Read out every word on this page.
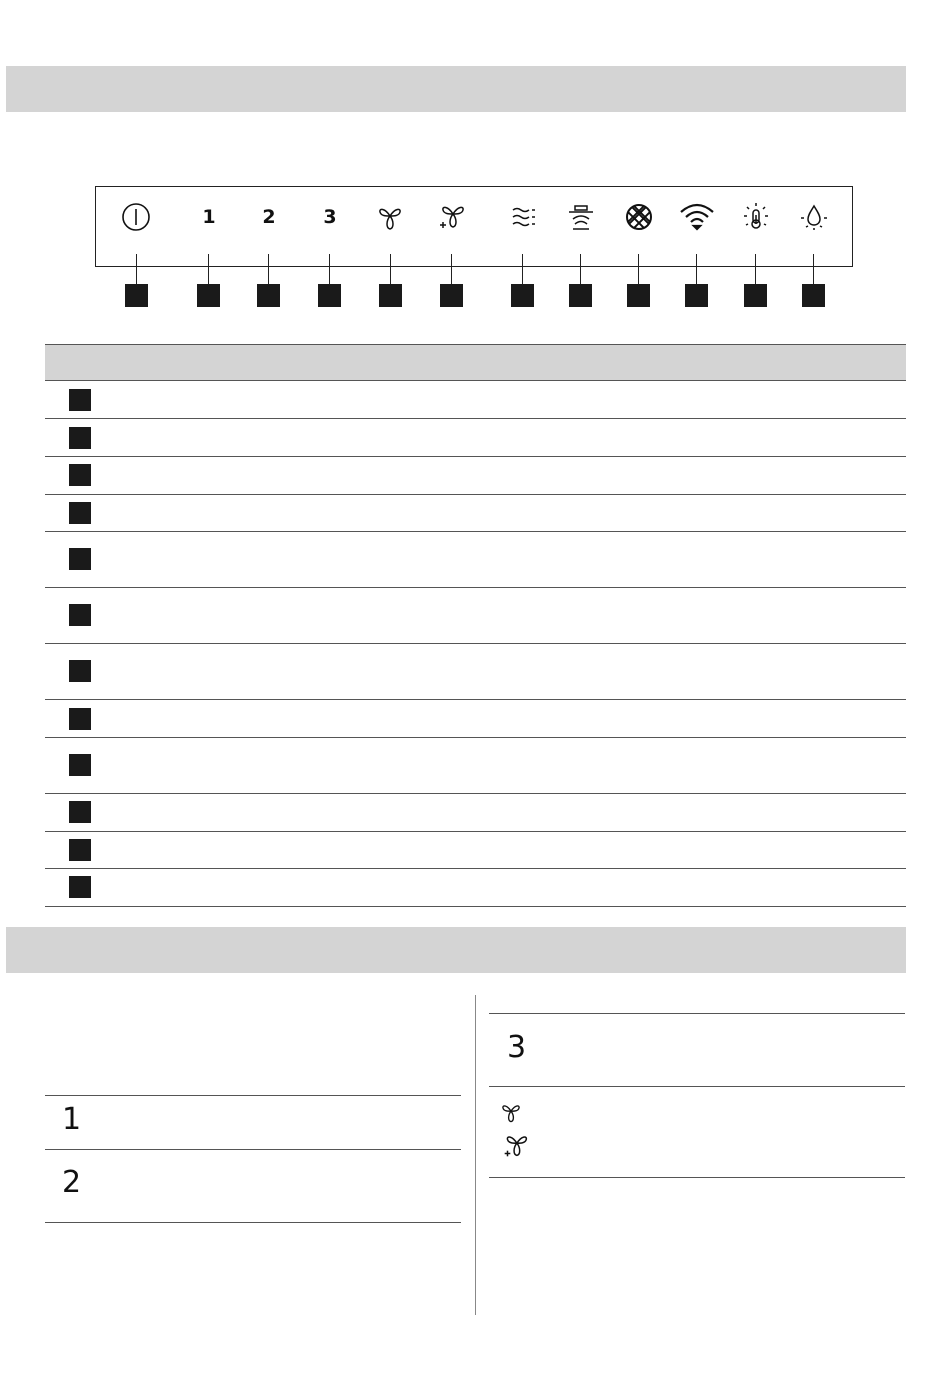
1 2	3
1
2
3
